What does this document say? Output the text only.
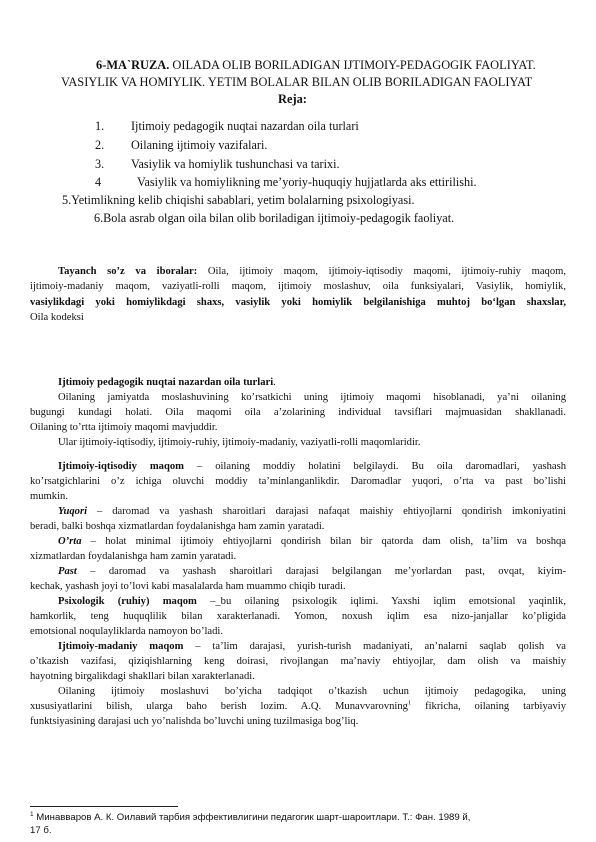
6-MA`RUZA. OILADA OLIB BORILADIGAN IJTIMOIY-PEDAGOGIK FAOLIYAT.
VASIYLIK VA HOMIYLIK. YETIM BOLALAR BILAN OLIB BORILADIGAN FAOLIYAT
Reja:
1. Ijtimoiy pedagogik nuqtai nazardan oila turlari
2. Oilaning ijtimoiy vazifalari.
3. Vasiylik va homiylik tushunchasi va tarixi.
4	Vasiylik va homiylikning me’yoriy-huquqiy hujjatlarda aks ettirilishi.
5.Yetimlikning kelib chiqishi sabablari, yetim bolalarning psixologiyasi.
6.Bola asrab olgan oila bilan olib boriladigan ijtimoiy-pedagogik faoliyat.
Tayanch so’z va iboralar: Oila, ijtimoiy maqom, ijtimoiy-iqtisodiy maqomi, ijtimoiy-ruhiy maqom,
ijtimoiy-madaniy maqom, vaziyatli-rolli maqom, ijtimoiy moslashuv, oila funksiyalari, Vasiylik, homiylik,
vasiylikdagi yoki homiylikdagi shaxs, vasiylik yoki homiylik belgilanishiga muhtoj bo‘lgan shaxslar,
Oila kodeksi
Ijtimoiy pedagogik nuqtai nazardan oila turlari.
Oilaning jamiyatda moslashuvining ko’rsatkichi uning ijtimoiy maqomi hisoblanadi, ya’ni oilaning
bugungi kundagi holati. Oila maqomi oila a’zolarining individual tavsiflari majmuasidan shakllanadi.
Oilaning to’rtta ijtimoiy maqomi mavjuddir.
Ular ijtimoiy-iqtisodiy, ijtimoiy-ruhiy, ijtimoiy-madaniy, vaziyatli-rolli maqomlaridir.
Ijtimoiy-iqtisodiy maqom – oilaning moddiy holatini belgilaydi. Bu oila daromadlari, yashash
ko’rsatgichlarini o’z ichiga oluvchi moddiy ta’minlanganlikdir. Daromadlar yuqori, o’rta va past bo’lishi
mumkin.
Yuqori – daromad va yashash sharoitlari darajasi nafaqat maishiy ehtiyojlarni qondirish imkoniyatini
beradi, balki boshqa xizmatlardan foydalanishga ham zamin yaratadi.
O’rta – holat minimal ijtimoiy ehtiyojlarni qondirish bilan bir qatorda dam olish, ta’lim va boshqa
xizmatlardan foydalanishga ham zamin yaratadi.
Past – daromad va yashash sharoitlari darajasi belgilangan me’yorlardan past, ovqat, kiyim-
kechak, yashash joyi to’lovi kabi masalalarda ham muammo chiqib turadi.
Psixologik (ruhiy) maqom –_bu oilaning psixologik iqlimi. Yaxshi iqlim emotsional yaqinlik,
hamkorlik, teng huquqlilik bilan xarakterlanadi. Yomon, noxush iqlim esa nizo-janjallar ko’pligida
emotsional noqulayliklarda namoyon bo’ladi.
Ijtimoiy-madaniy maqom – ta’lim darajasi, yurish-turish madaniyati, an’nalarni saqlab qolish va
o’tkazish vazifasi, qiziqishlarning keng doirasi, rivojlangan ma’naviy ehtiyojlar, dam olish va maishiy
hayotning birgalikdagi shakllari bilan xarakterlanadi.
Oilaning ijtimoiy moslashuvi bo’yicha tadqiqot o’tkazish uchun ijtimoiy pedagogika, uning
xususiyatlarini bilish, ularga baho berish lozim. A.Q. Munavvarovning$^1$ fikricha, oilaning tarbiyaviy
funktsiyasining darajasi uch yo’nalishda bo’luvchi uning tuzilmasiga bog’liq.
$^1$ Минавваров А. К. Оилавий тарбия эффективлигини педагогик шарт-шароитлари. Т.: Фан. 1989 й,
17 б.
